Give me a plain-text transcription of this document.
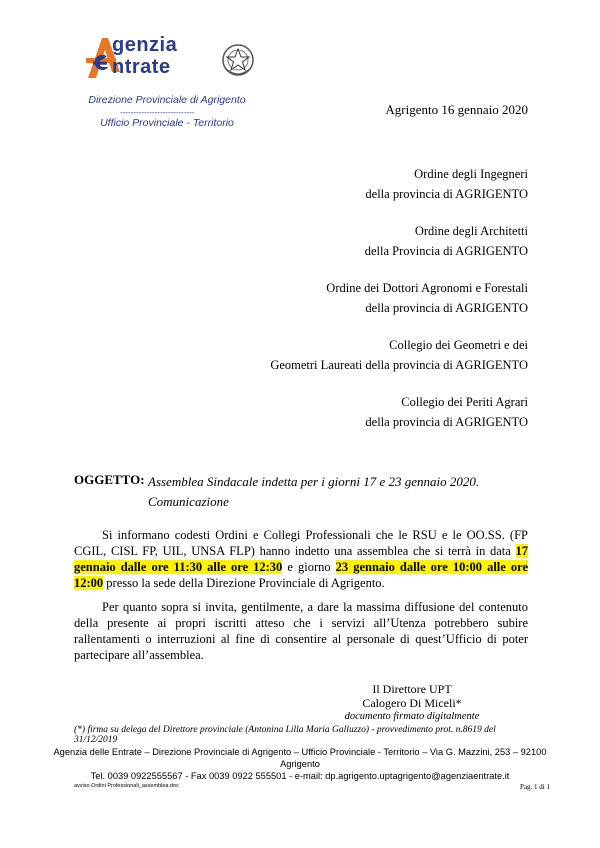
genzia
ntrate
Direzione Provinciale di Agrigento
----------------------------
Ufficio Provinciale - Territorio
Agrigento 16 gennaio 2020
Ordine degli Ingegneri
della provincia di AGRIGENTO
Ordine degli Architetti
della Provincia di AGRIGENTO
Ordine dei Dottori Agronomi e Forestali
della provincia di AGRIGENTO
Collegio dei Geometri e dei
Geometri Laureati della provincia di AGRIGENTO
Collegio dei Periti Agrari
della provincia di AGRIGENTO
OGGETTO: Assemblea Sindacale indetta per i giorni 17 e 23 gennaio 2020.
Comunicazione

Si informano codesti Ordini e Collegi Professionali che le RSU e le OO.SS. (FP CGIL, CISL FP, UIL, UNSA FLP) hanno indetto una assemblea che si terrà in data 17 gennaio dalle ore 11:30 alle ore 12:30 e giorno 23 gennaio dalle ore 10:00 alle ore 12:00 presso la sede della Direzione Provinciale di Agrigento.

Per quanto sopra si invita, gentilmente, a dare la massima diffusione del contenuto della presente ai propri iscritti atteso che i servizi all’Utenza potrebbero subire rallentamenti o interruzioni al fine di consentire al personale di quest’Ufficio di poter partecipare all’assemblea.

Il Direttore UPT
Calogero Di Miceli*
documento firmato digitalmente
(*) firma su delega del Direttore provinciale (Antonina Lilla Maria Galluzzo) - provvedimento prot. n.8619 del 31/12/2019
Agenzia delle Entrate – Direzione Provinciale di Agrigento – Ufficio Provinciale - Territorio – Via G. Mazzini, 253 – 92100 Agrigento
Tel. 0039 0922555567 - Fax 0039 0922 555501 - e-mail: dp.agrigento.uptagrigento@agenziaentrate.it
avviso Ordini Professionali_assemblea.doc	Pag. 1 di 1
